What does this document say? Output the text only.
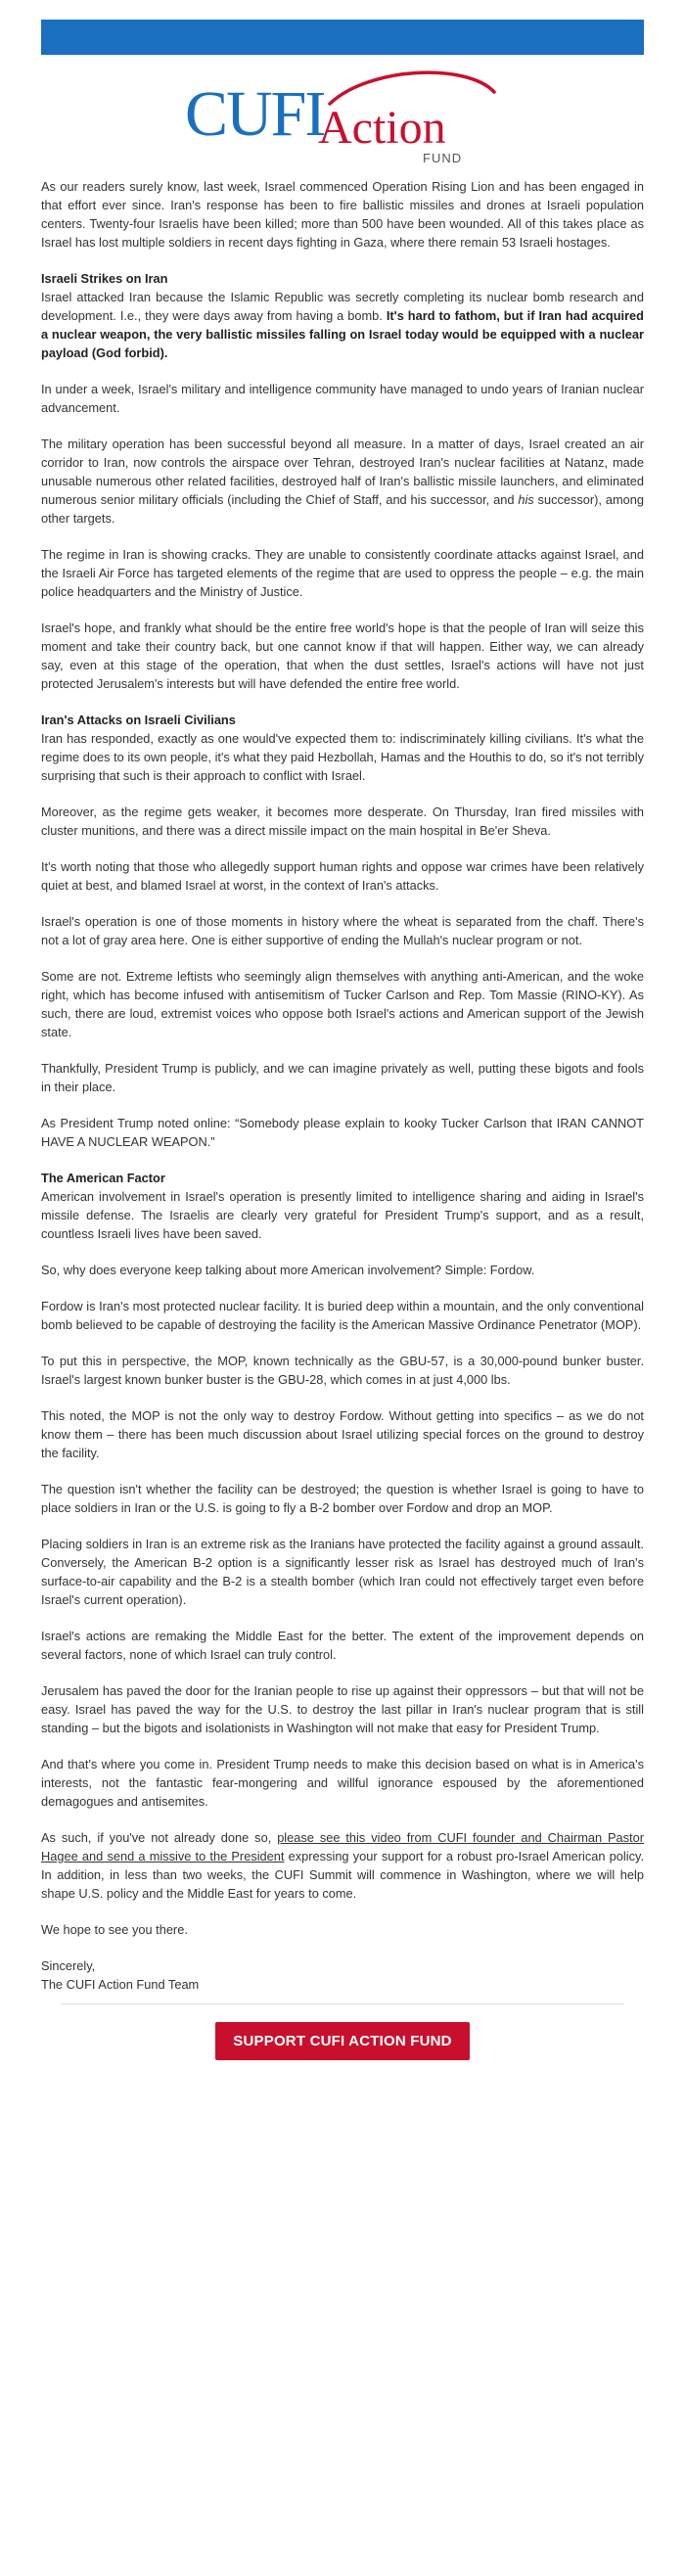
CUFI
Action
FUND

As our readers surely know, last week, Israel commenced Operation Rising Lion and has been engaged in that effort ever since. Iran's response has been to fire ballistic missiles and drones at Israeli population centers. Twenty-four Israelis have been killed; more than 500 have been wounded. All of this takes place as Israel has lost multiple soldiers in recent days fighting in Gaza, where there remain 53 Israeli hostages.

Israeli Strikes on Iran

Israel attacked Iran because the Islamic Republic was secretly completing its nuclear bomb research and development. I.e., they were days away from having a bomb. It's hard to fathom, but if Iran had acquired a nuclear weapon, the very ballistic missiles falling on Israel today would be equipped with a nuclear payload (God forbid).

In under a week, Israel's military and intelligence community have managed to undo years of Iranian nuclear advancement.

The military operation has been successful beyond all measure. In a matter of days, Israel created an air corridor to Iran, now controls the airspace over Tehran, destroyed Iran's nuclear facilities at Natanz, made unusable numerous other related facilities, destroyed half of Iran's ballistic missile launchers, and eliminated numerous senior military officials (including the Chief of Staff, and his successor, and his successor), among other targets.

The regime in Iran is showing cracks. They are unable to consistently coordinate attacks against Israel, and the Israeli Air Force has targeted elements of the regime that are used to oppress the people – e.g. the main police headquarters and the Ministry of Justice.

Israel's hope, and frankly what should be the entire free world's hope is that the people of Iran will seize this moment and take their country back, but one cannot know if that will happen. Either way, we can already say, even at this stage of the operation, that when the dust settles, Israel's actions will have not just protected Jerusalem's interests but will have defended the entire free world.

Iran's Attacks on Israeli Civilians

Iran has responded, exactly as one would've expected them to: indiscriminately killing civilians. It's what the regime does to its own people, it's what they paid Hezbollah, Hamas and the Houthis to do, so it's not terribly surprising that such is their approach to conflict with Israel.

Moreover, as the regime gets weaker, it becomes more desperate. On Thursday, Iran fired missiles with cluster munitions, and there was a direct missile impact on the main hospital in Be'er Sheva.

It's worth noting that those who allegedly support human rights and oppose war crimes have been relatively quiet at best, and blamed Israel at worst, in the context of Iran's attacks.

Israel's operation is one of those moments in history where the wheat is separated from the chaff. There's not a lot of gray area here. One is either supportive of ending the Mullah's nuclear program or not.

Some are not. Extreme leftists who seemingly align themselves with anything anti-American, and the woke right, which has become infused with antisemitism of Tucker Carlson and Rep. Tom Massie (RINO-KY). As such, there are loud, extremist voices who oppose both Israel's actions and American support of the Jewish state.

Thankfully, President Trump is publicly, and we can imagine privately as well, putting these bigots and fools in their place.

As President Trump noted online: “Somebody please explain to kooky Tucker Carlson that IRAN CANNOT HAVE A NUCLEAR WEAPON.”

The American Factor

American involvement in Israel's operation is presently limited to intelligence sharing and aiding in Israel's missile defense. The Israelis are clearly very grateful for President Trump's support, and as a result, countless Israeli lives have been saved.

So, why does everyone keep talking about more American involvement? Simple: Fordow.

Fordow is Iran's most protected nuclear facility. It is buried deep within a mountain, and the only conventional bomb believed to be capable of destroying the facility is the American Massive Ordinance Penetrator (MOP).

To put this in perspective, the MOP, known technically as the GBU-57, is a 30,000-pound bunker buster. Israel's largest known bunker buster is the GBU-28, which comes in at just 4,000 lbs.

This noted, the MOP is not the only way to destroy Fordow. Without getting into specifics – as we do not know them – there has been much discussion about Israel utilizing special forces on the ground to destroy the facility.

The question isn't whether the facility can be destroyed; the question is whether Israel is going to have to place soldiers in Iran or the U.S. is going to fly a B-2 bomber over Fordow and drop an MOP.

Placing soldiers in Iran is an extreme risk as the Iranians have protected the facility against a ground assault. Conversely, the American B-2 option is a significantly lesser risk as Israel has destroyed much of Iran's surface-to-air capability and the B-2 is a stealth bomber (which Iran could not effectively target even before Israel's current operation).

Israel's actions are remaking the Middle East for the better. The extent of the improvement depends on several factors, none of which Israel can truly control.

Jerusalem has paved the door for the Iranian people to rise up against their oppressors – but that will not be easy. Israel has paved the way for the U.S. to destroy the last pillar in Iran's nuclear program that is still standing – but the bigots and isolationists in Washington will not make that easy for President Trump.

And that's where you come in. President Trump needs to make this decision based on what is in America's interests, not the fantastic fear-mongering and willful ignorance espoused by the aforementioned demagogues and antisemites.

As such, if you've not already done so, please see this video from CUFI founder and Chairman Pastor Hagee and send a missive to the President expressing your support for a robust pro-Israel American policy. In addition, in less than two weeks, the CUFI Summit will commence in Washington, where we will help shape U.S. policy and the Middle East for years to come.

We hope to see you there.

Sincerely,

The CUFI Action Fund Team

SUPPORT CUFI ACTION FUND
